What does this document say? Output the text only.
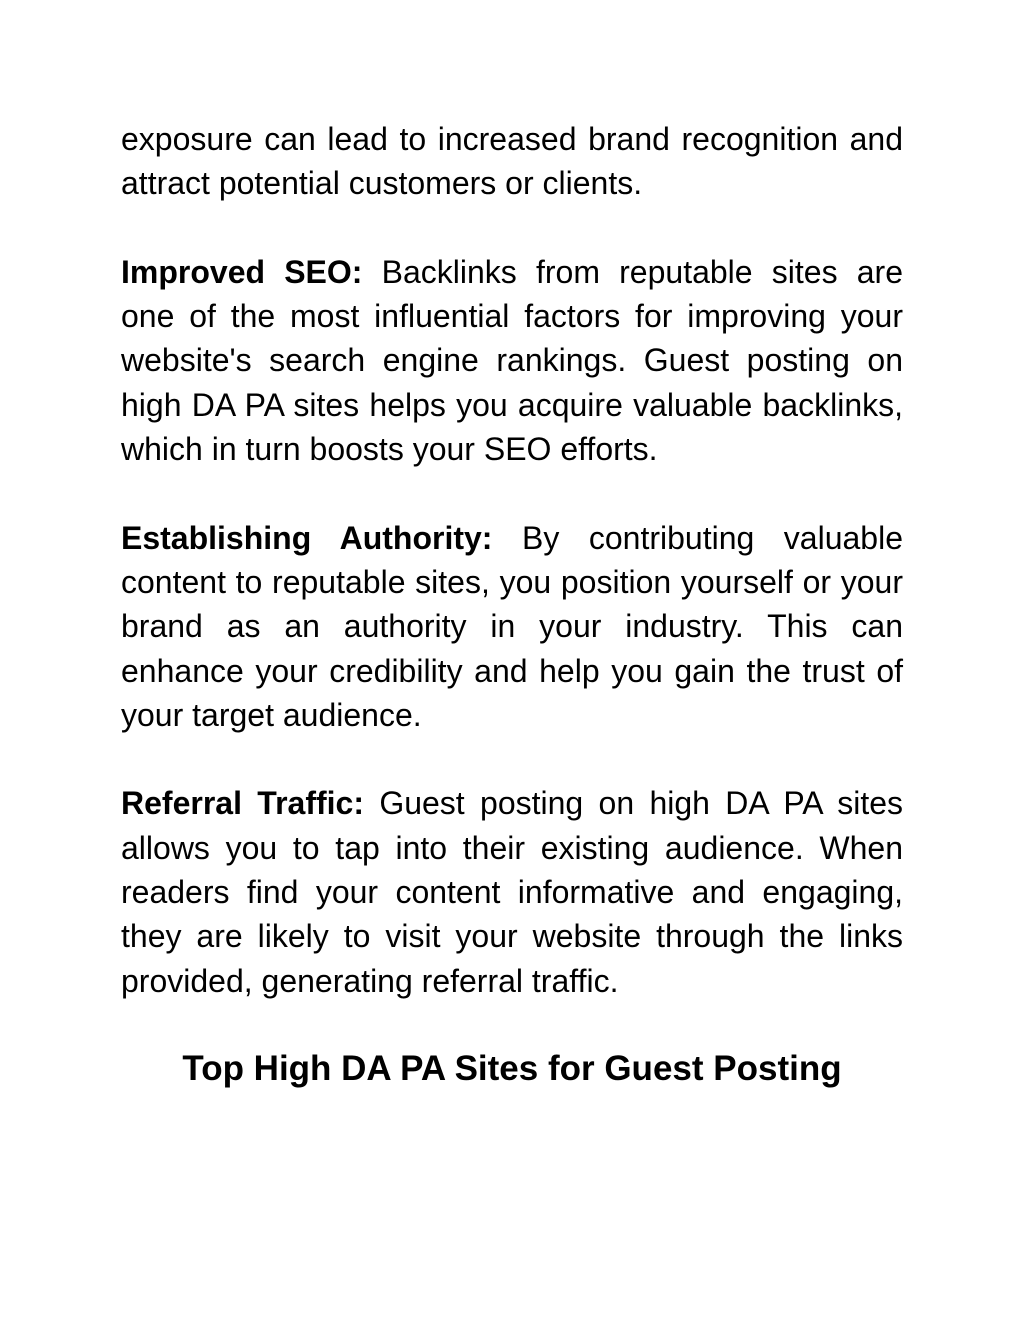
exposure can lead to increased brand recognition and attract potential customers or clients.

Improved SEO: Backlinks from reputable sites are one of the most influential factors for improving your website's search engine rankings. Guest posting on high DA PA sites helps you acquire valuable backlinks, which in turn boosts your SEO efforts.

Establishing Authority: By contributing valuable content to reputable sites, you position yourself or your brand as an authority in your industry. This can enhance your credibility and help you gain the trust of your target audience.

Referral Traffic: Guest posting on high DA PA sites allows you to tap into their existing audience. When readers find your content informative and engaging, they are likely to visit your website through the links provided, generating referral traffic.

Top High DA PA Sites for Guest Posting
